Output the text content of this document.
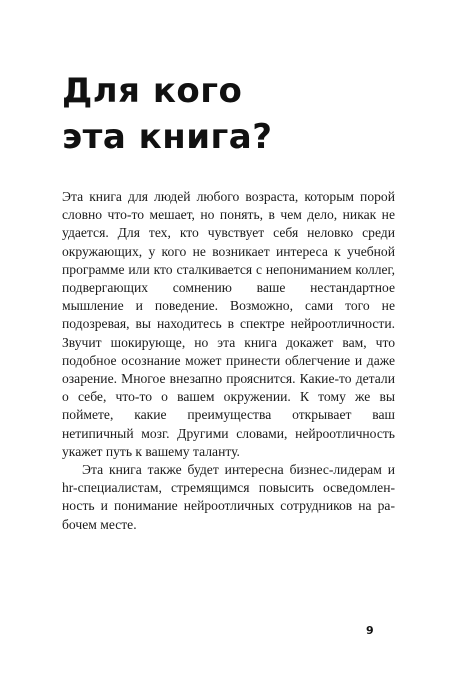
Для кого
эта книга?

Эта книга для людей любого возраста, которым порой словно что-то мешает, но понять, в чем дело, никак не удается. Для тех, кто чувствует себя неловко среди окружающих, у кого не возникает интереса к учебной программе или кто сталкивается с непониманием коллег, подвергающих сомнению ваше нестандартное мышление и поведение. Возможно, сами того не подозревая, вы находитесь в спектре нейроотличности. Звучит шокирующе, но эта книга докажет вам, что подобное осознание может принести облегчение и даже озарение. Многое внезапно прояснится. Какие-то детали о себе, что-то о вашем окружении. К тому же вы поймете, какие преимущества открывает ваш нетипичный мозг. Другими словами, нейроотличность укажет путь к вашему таланту.

Эта книга также будет интересна бизнес-лидерам и hr-специалистам, стремящимся повысить осведомленность и понимание нейроотличных сотрудников на рабочем месте.

9
